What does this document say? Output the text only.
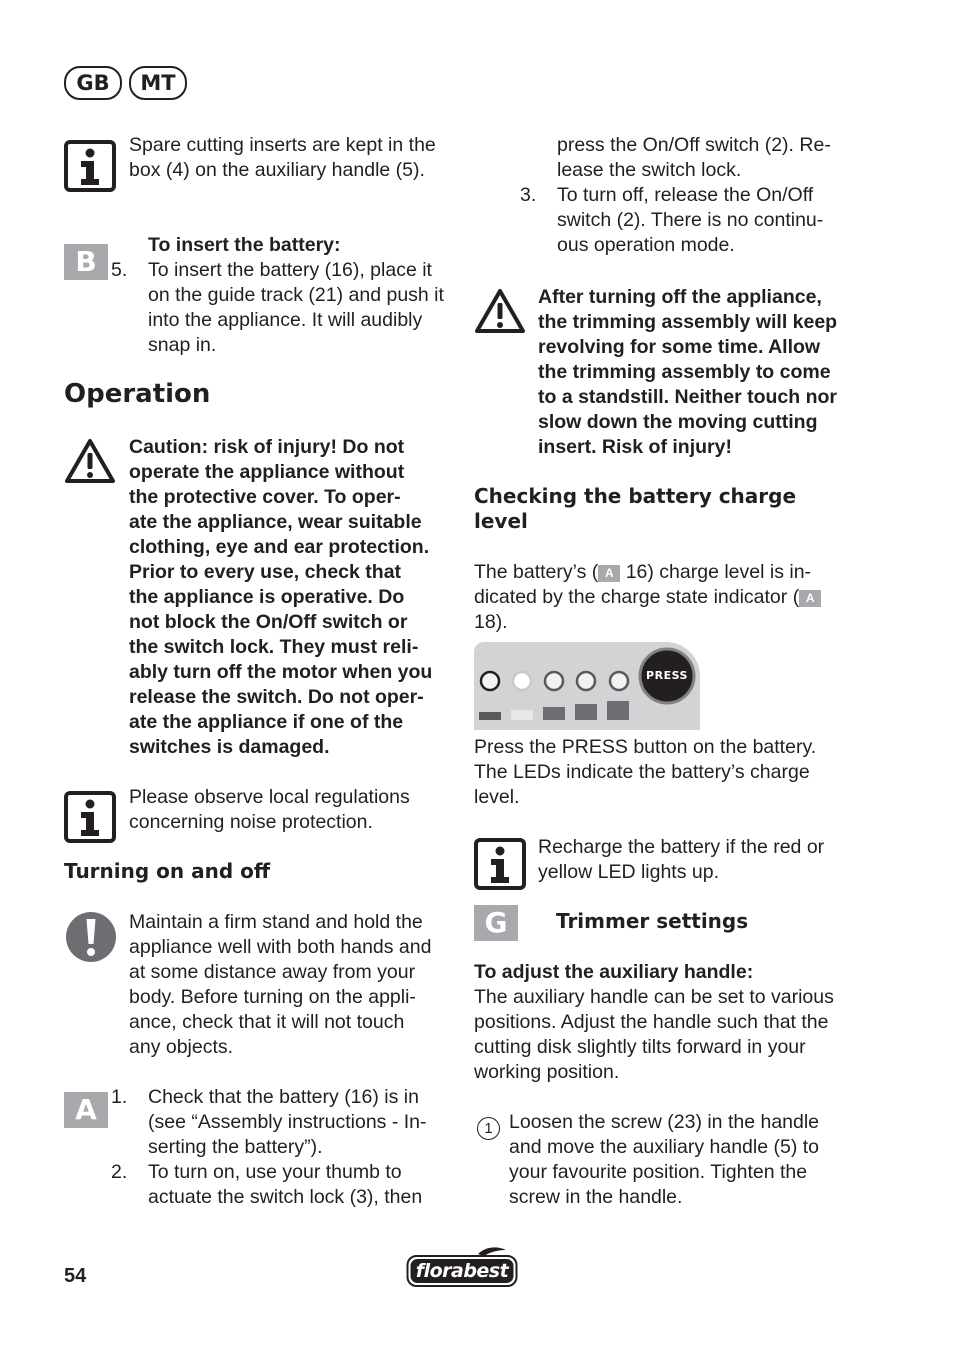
GB	MT
Spare cutting inserts are kept in the box (4) on the auxiliary handle (5).
B	To insert the battery:
5. To insert the battery (16), place it on the guide track (21) and push it into the appliance. It will audibly snap in.
Operation
Caution: risk of injury! Do not
operate the appliance without
the protective cover. To oper-
ate the appliance, wear suitable
clothing, eye and ear protection.
Prior to every use, check that
the appliance is operative. Do
not block the On/Off switch or
the switch lock. They must reli-
ably turn off the motor when you
release the switch. Do not oper-
ate the appliance if one of the
switches is damaged.
Please observe local regulations
concerning noise protection.
Turning on and off
Maintain a firm stand and hold the
appliance well with both hands and
at some distance away from your
body. Before turning on the appli-
ance, check that it will not touch
any objects.
A 1. Check that the battery (16) is in
(see “Assembly instructions - In-
serting the battery”).
2. To turn on, use your thumb to
actuate the switch lock (3), then
press the On/Off switch (2). Re-
lease the switch lock.
3. To turn off, release the On/Off
switch (2). There is no continu-
ous operation mode.
After turning off the appliance,
the trimming assembly will keep
revolving for some time. Allow
the trimming assembly to come
to a standstill. Neither touch nor
slow down the moving cutting
insert. Risk of injury!
Checking the battery charge
level
The battery’s ( A 16) charge level is in-
dicated by the charge state indicator ( A
18).
PRESS
Press the PRESS button on the battery.
The LEDs indicate the battery’s charge
level.
Recharge the battery if the red or
yellow LED lights up.
G	Trimmer settings
To adjust the auxiliary handle:
The auxiliary handle can be set to various
positions. Adjust the handle such that the
cutting disk slightly tilts forward in your
working position.
1 Loosen the screw (23) in the handle
and move the auxiliary handle (5) to
your favourite position. Tighten the
screw in the handle.
54	florabest
